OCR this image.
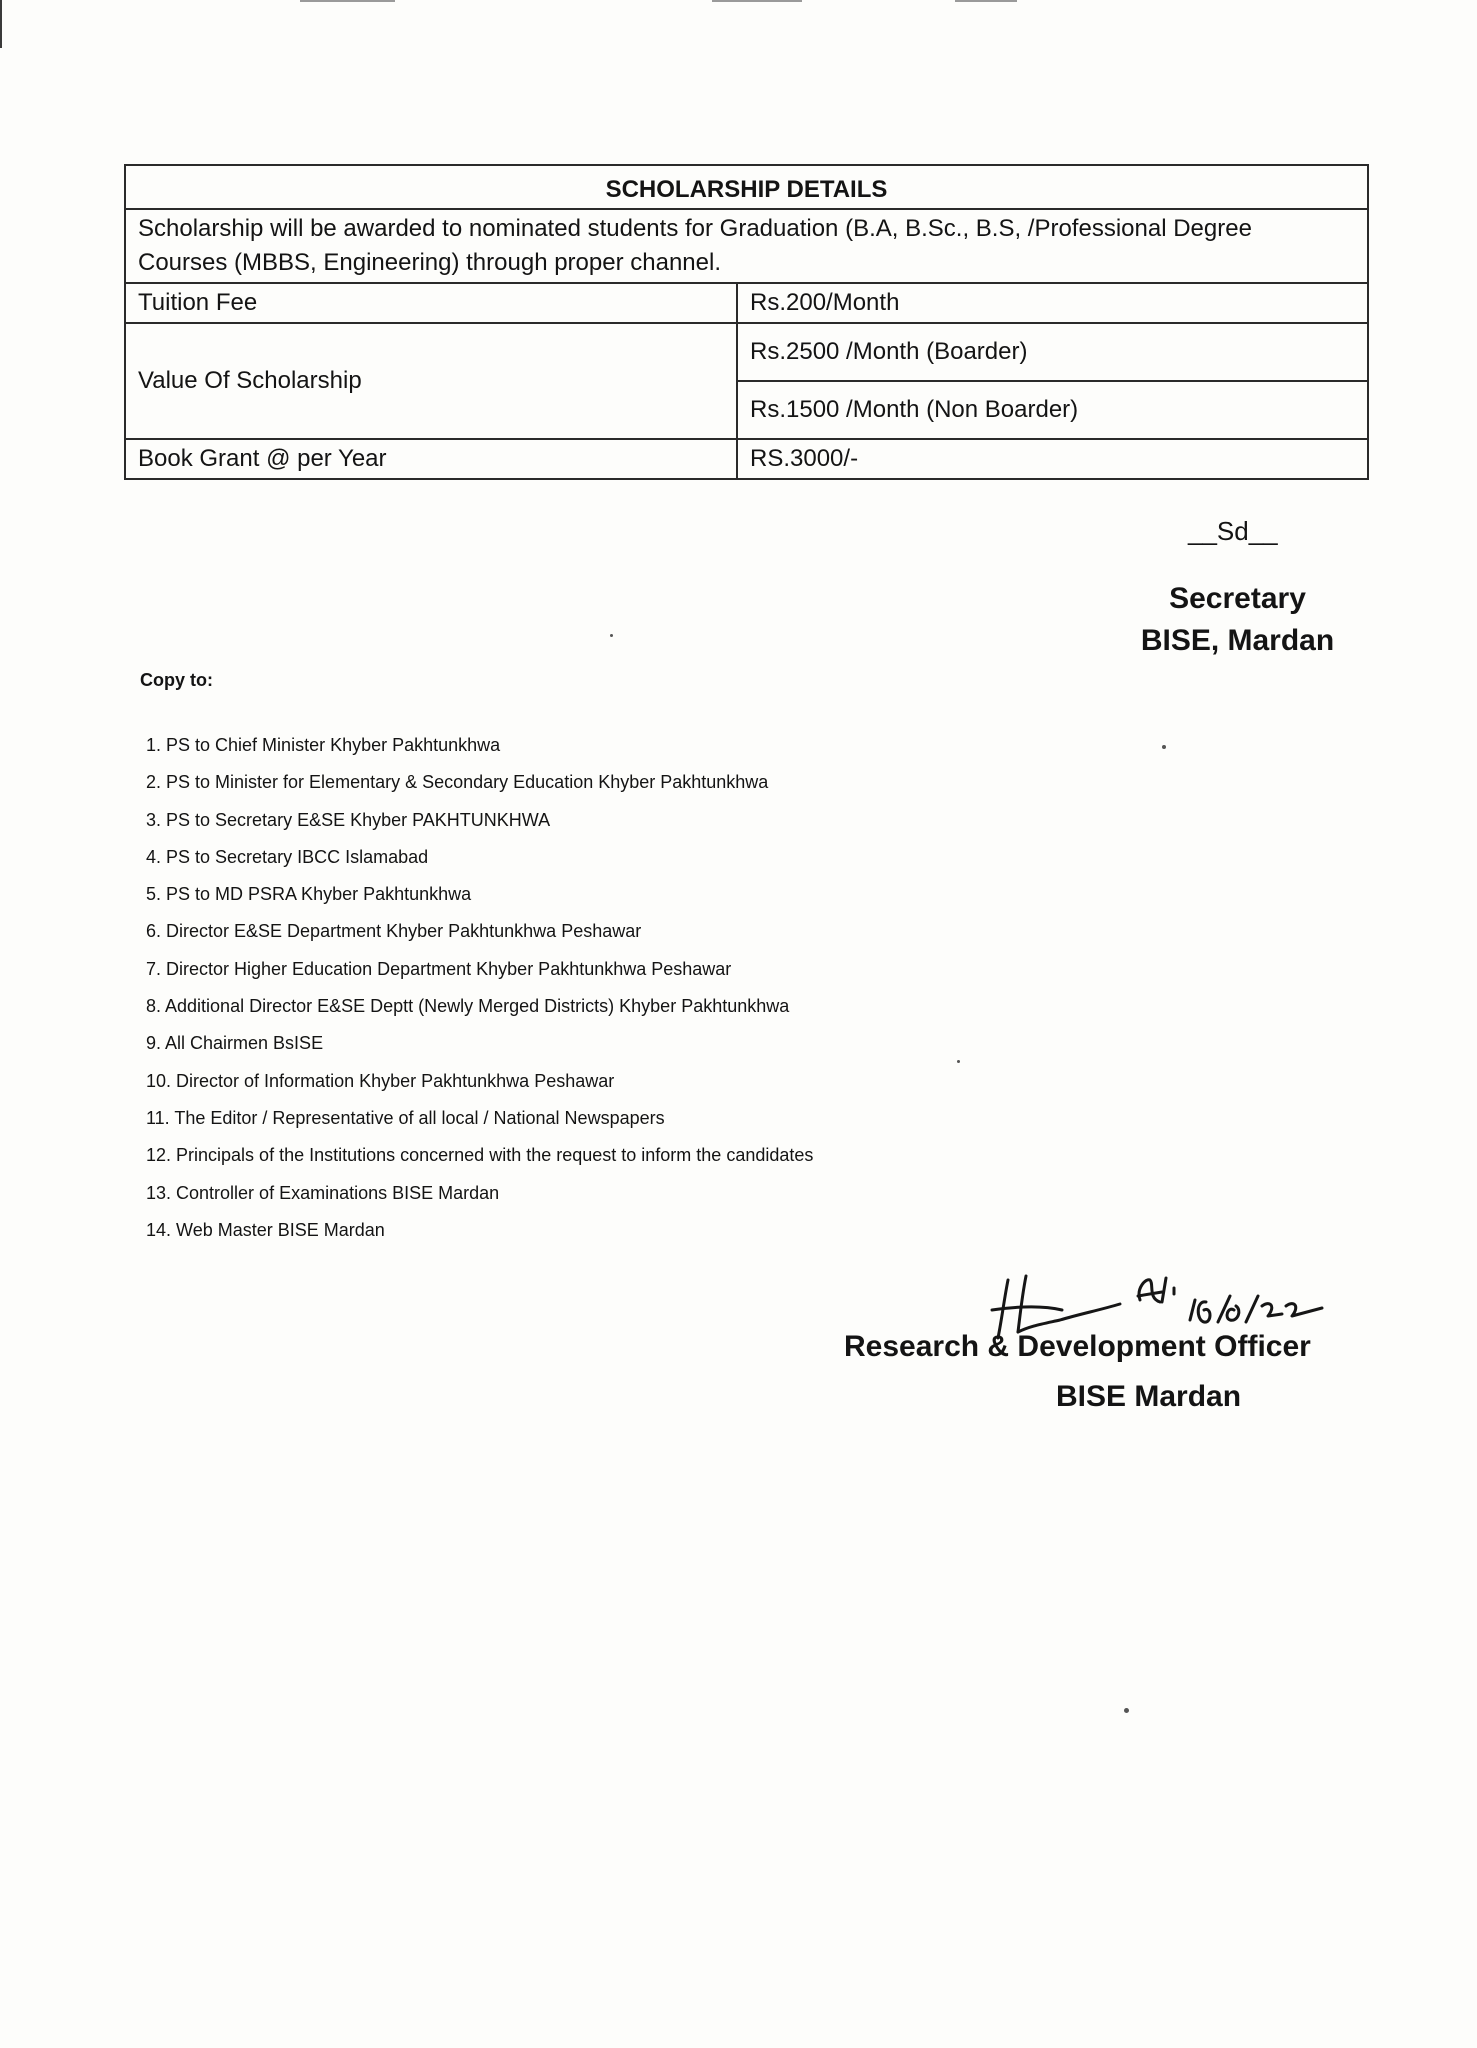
SCHOLARSHIP DETAILS	
Scholarship will be awarded to nominated students for Graduation (B.A, B.Sc., B.S, /Professional Degree Courses (MBBS, Engineering) through proper channel.	
Tuition Fee	Rs.200/Month
Value Of Scholarship	Rs.2500 /Month (Boarder)
	Rs.1500 /Month (Non Boarder)
Book Grant @ per Year	RS.3000/-
__Sd__
Secretary
BISE, Mardan
Copy to:
1. PS to Chief Minister Khyber Pakhtunkhwa
2. PS to Minister for Elementary & Secondary Education Khyber Pakhtunkhwa
3. PS to Secretary E&SE Khyber PAKHTUNKHWA
4. PS to Secretary IBCC Islamabad
5. PS to MD PSRA Khyber Pakhtunkhwa
6. Director E&SE Department Khyber Pakhtunkhwa Peshawar
7. Director Higher Education Department Khyber Pakhtunkhwa Peshawar
8. Additional Director E&SE Deptt (Newly Merged Districts) Khyber Pakhtunkhwa
9. All Chairmen BsISE
10. Director of Information Khyber Pakhtunkhwa Peshawar
11. The Editor / Representative of all local / National Newspapers
12. Principals of the Institutions concerned with the request to inform the candidates
13. Controller of Examinations BISE Mardan
14. Web Master BISE Mardan
Research & Development Officer
BISE Mardan
